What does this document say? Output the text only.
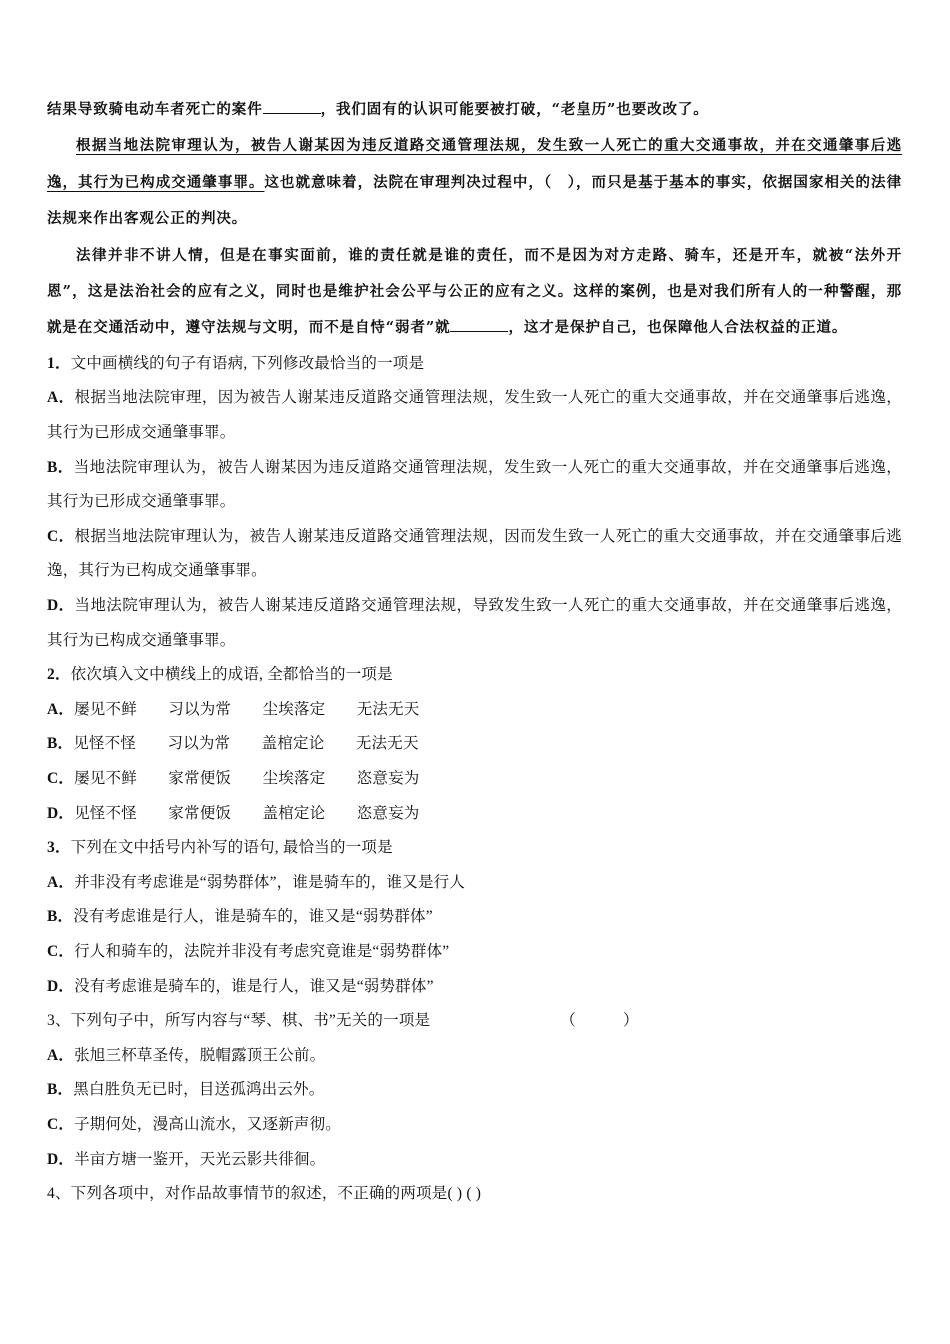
结果导致骑电动车者死亡的案件	，我们固有的认识可能要被打破，“老皇历”也要改改了。

根据当地法院审理认为，被告人谢某因为违反道路交通管理法规，发生致一人死亡的重大交通事故，并在交通肇事后逃逸，其行为已构成交通肇事罪。这也就意味着，法院在审理判决过程中，（　），而只是基于基本的事实，依据国家相关的法律法规来作出客观公正的判决。

法律并非不讲人情，但是在事实面前，谁的责任就是谁的责任，而不是因为对方走路、骑车，还是开车，就被“法外开恩”，这是法治社会的应有之义，同时也是维护社会公平与公正的应有之义。这样的案例，也是对我们所有人的一种警醒，那就是在交通活动中，遵守法规与文明，而不是自恃“弱者”就	，这才是保护自己，也保障他人合法权益的正道。

1．文中画横线的句子有语病, 下列修改最恰当的一项是

A．根据当地法院审理，因为被告人谢某违反道路交通管理法规，发生致一人死亡的重大交通事故，并在交通肇事后逃逸，其行为已形成交通肇事罪。

B．当地法院审理认为，被告人谢某因为违反道路交通管理法规，发生致一人死亡的重大交通事故，并在交通肇事后逃逸，其行为已形成交通肇事罪。

C．根据当地法院审理认为，被告人谢某违反道路交通管理法规，因而发生致一人死亡的重大交通事故，并在交通肇事后逃逸，其行为已构成交通肇事罪。

D．当地法院审理认为，被告人谢某违反道路交通管理法规，导致发生致一人死亡的重大交通事故，并在交通肇事后逃逸，其行为已构成交通肇事罪。

2．依次填入文中横线上的成语, 全都恰当的一项是

A．屡见不鲜　　习以为常　　尘埃落定　　无法无天

B．见怪不怪　　习以为常　　盖棺定论　　无法无天

C．屡见不鲜　　家常便饭　　尘埃落定　　恣意妄为

D．见怪不怪　　家常便饭　　盖棺定论　　恣意妄为

3．下列在文中括号内补写的语句, 最恰当的一项是

A．并非没有考虑谁是“弱势群体”，谁是骑车的，谁又是行人

B．没有考虑谁是行人，谁是骑车的，谁又是“弱势群体”

C．行人和骑车的，法院并非没有考虑究竟谁是“弱势群体”

D．没有考虑谁是骑车的，谁是行人，谁又是“弱势群体”

3、下列句子中，所写内容与“琴、棋、书”无关的一项是	（　　　）

A．张旭三杯草圣传，脱帽露顶王公前。

B．黑白胜负无已时，目送孤鸿出云外。

C．子期何处，漫高山流水，又逐新声彻。

D．半亩方塘一鉴开，天光云影共徘徊。

4、下列各项中，对作品故事情节的叙述，不正确的两项是( ) ( )
